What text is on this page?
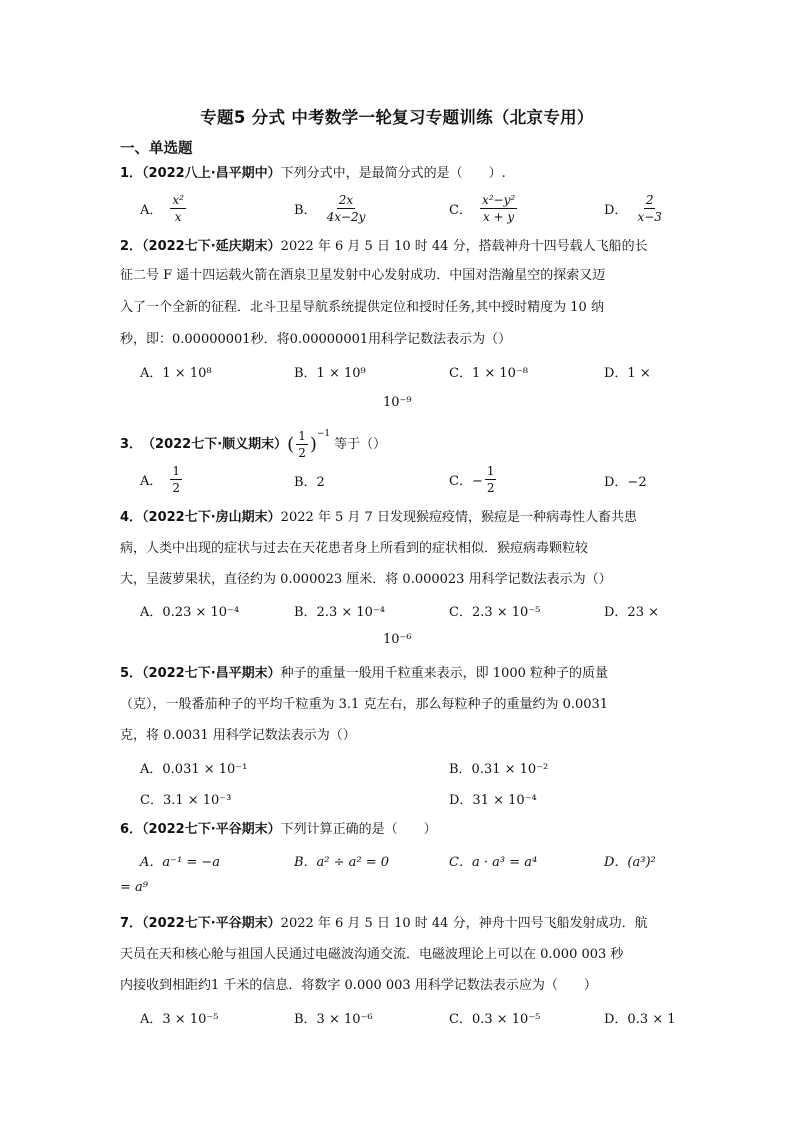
专题5 分式 中考数学一轮复习专题训练（北京专用）
一、单选题
1．（2022八上·昌平期中）下列分式中，是最简分式的是（　　）.
A． $\frac{\text{x²}}{x}$	B． $\frac{2x}{4x-2y}$	C． $\frac{\text{x²−y²}}{x + y}$	D． $\frac{2}{x-3}$
2．（2022七下·延庆期末）2022 年 6 月 5 日 10 时 44 分，搭载神舟十四号载人飞船的长
征二号 F 遥十四运载火箭在酒泉卫星发射中心发射成功．中国对浩瀚星空的探索又迈
入了一个全新的征程．北斗卫星导航系统提供定位和授时任务,其中授时精度为 10 纳
秒，即：0.00000001秒．将0.00000001用科学记数法表示为（）
A．1 × 10⁸	B．1 × 10⁹	C．1 × 10⁻⁸	D．1 ×
10⁻⁹
3． （2022七下·顺义期末） ( $\frac{1}{2} )^{-1}$
等于（）
A． $\frac{1}{2}$	B．2	C．− $\frac{1}{2}$	D．−2
4．（2022七下·房山期末）2022 年 5 月 7 日发现猴痘疫情，猴痘是一种病毒性人畜共患
病，人类中出现的症状与过去在天花患者身上所看到的症状相似．猴痘病毒颗粒较
大，呈菠萝果状，直径约为 0.000023 厘米．将 0.000023 用科学记数法表示为（）
A．0.23 × 10⁻⁴	B．2.3 × 10⁻⁴	C．2.3 × 10⁻⁵	D．23 ×
10⁻⁶
5．（2022七下·昌平期末）种子的重量一般用千粒重来表示，即 1000 粒种子的质量
（克），一般番茄种子的平均千粒重为 3.1 克左右，那么每粒种子的重量约为 0.0031
克，将 0.0031 用科学记数法表示为（）
A．0.031 × 10⁻¹	B．0.31 × 10⁻²
C．3.1 × 10⁻³	D．31 × 10⁻⁴
6．（2022七下·平谷期末）下列计算正确的是（　　）
A．a⁻¹ = −a	B．a² ÷ a² = 0	C．a · a³ = a⁴	D．(a³)²
= a⁹
7．（2022七下·平谷期末）2022 年 6 月 5 日 10 时 44 分，神舟十四号飞船发射成功．航
天员在天和核心舱与祖国人民通过电磁波沟通交流．电磁波理论上可以在 0.000 003 秒
内接收到相距约1 千米的信息．将数字 0.000 003 用科学记数法表示应为（　　）
A．3 × 10⁻⁵	B．3 × 10⁻⁶	C．0.3 × 10⁻⁵	D．0.3 × 1
